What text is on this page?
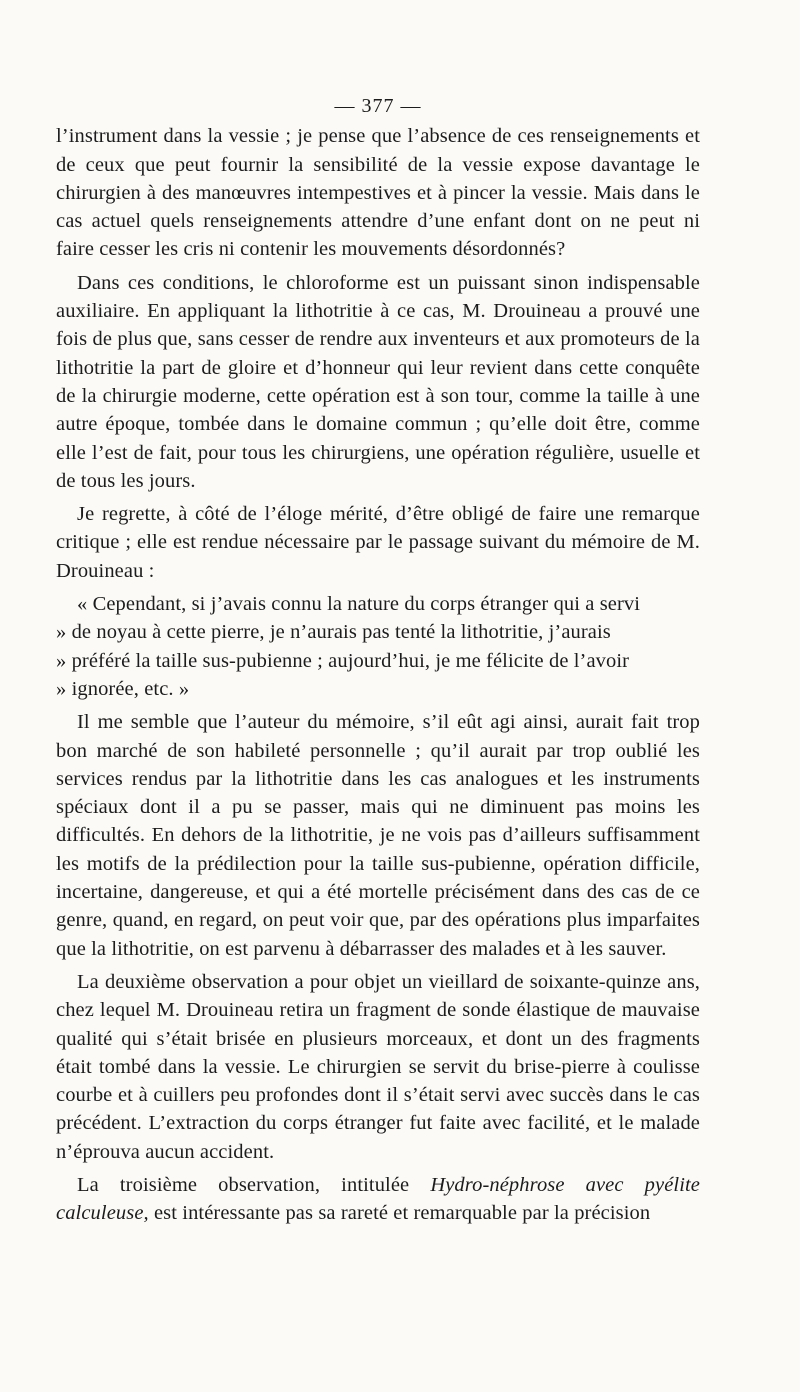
— 377 —

l’instrument dans la vessie ; je pense que l’absence de ces renseignements et de ceux que peut fournir la sensibilité de la vessie expose davantage le chirurgien à des manœuvres intempestives et à pincer la vessie. Mais dans le cas actuel quels renseignements attendre d’une enfant dont on ne peut ni faire cesser les cris ni contenir les mouvements désordonnés?

Dans ces conditions, le chloroforme est un puissant sinon indispensable auxiliaire. En appliquant la lithotritie à ce cas, M. Drouineau a prouvé une fois de plus que, sans cesser de rendre aux inventeurs et aux promoteurs de la lithotritie la part de gloire et d’honneur qui leur revient dans cette conquête de la chirurgie moderne, cette opération est à son tour, comme la taille à une autre époque, tombée dans le domaine commun ; qu’elle doit être, comme elle l’est de fait, pour tous les chirurgiens, une opération régulière, usuelle et de tous les jours.

Je regrette, à côté de l’éloge mérité, d’être obligé de faire une remarque critique ; elle est rendue nécessaire par le passage suivant du mémoire de M. Drouineau :

« Cependant, si j’avais connu la nature du corps étranger qui a servi
» de noyau à cette pierre, je n’aurais pas tenté la lithotritie, j’aurais
» préféré la taille sus-pubienne ; aujourd’hui, je me félicite de l’avoir
» ignorée, etc. »

Il me semble que l’auteur du mémoire, s’il eût agi ainsi, aurait fait trop bon marché de son habileté personnelle ; qu’il aurait par trop oublié les services rendus par la lithotritie dans les cas analogues et les instruments spéciaux dont il a pu se passer, mais qui ne diminuent pas moins les difficultés. En dehors de la lithotritie, je ne vois pas d’ailleurs suffisamment les motifs de la prédilection pour la taille sus-pubienne, opération difficile, incertaine, dangereuse, et qui a été mortelle précisément dans des cas de ce genre, quand, en regard, on peut voir que, par des opérations plus imparfaites que la lithotritie, on est parvenu à débarrasser des malades et à les sauver.

La deuxième observation a pour objet un vieillard de soixante-quinze ans, chez lequel M. Drouineau retira un fragment de sonde élastique de mauvaise qualité qui s’était brisée en plusieurs morceaux, et dont un des fragments était tombé dans la vessie. Le chirurgien se servit du brise-pierre à coulisse courbe et à cuillers peu profondes dont il s’était servi avec succès dans le cas précédent. L’extraction du corps étranger fut faite avec facilité, et le malade n’éprouva aucun accident.

La troisième observation, intitulée Hydro-néphrose avec pyélite calculeuse, est intéressante pas sa rareté et remarquable par la précision
